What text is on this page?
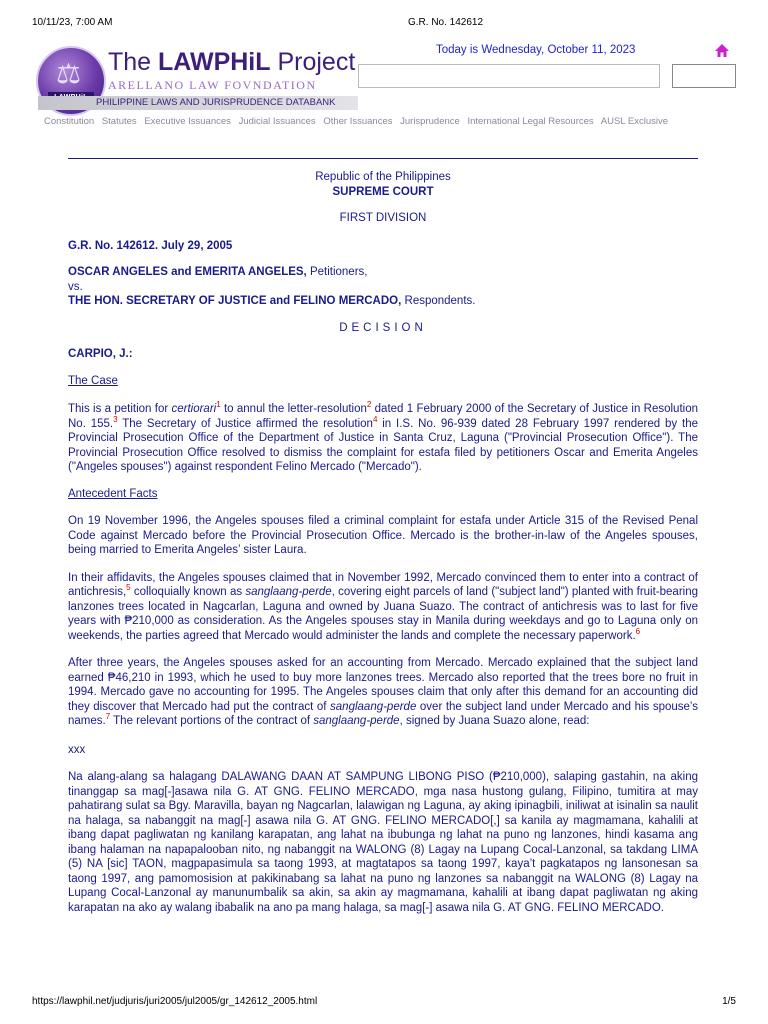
10/11/23, 7:00 AM	G.R. No. 142612
⚖ The LAWPHiL Project
ARELLANO LAW FOVNDATION
PHILIPPINE LAWS AND JURISPRUDENCE DATABANK
Today is Wednesday, October 11, 2023
Constitution Statutes Executive Issuances Judicial Issuances Other Issuances Jurisprudence International Legal Resources AUSL Exclusive
Republic of the Philippines
SUPREME COURT
FIRST DIVISION
G.R. No. 142612. July 29, 2005
OSCAR ANGELES and EMERITA ANGELES, Petitioners,
vs.
THE HON. SECRETARY OF JUSTICE and FELINO MERCADO, Respondents.
DECISION
CARPIO, J.:
The Case

This is a petition for certiorari$^1$ to annul the letter-resolution$^2$ dated 1 February 2000 of the Secretary of Justice in Resolution No. 155.$^3$ The Secretary of Justice affirmed the resolution$^4$ in I.S. No. 96-939 dated 28 February 1997 rendered by the Provincial Prosecution Office of the Department of Justice in Santa Cruz, Laguna ("Provincial Prosecution Office"). The Provincial Prosecution Office resolved to dismiss the complaint for estafa filed by petitioners Oscar and Emerita Angeles ("Angeles spouses") against respondent Felino Mercado ("Mercado").

Antecedent Facts

On 19 November 1996, the Angeles spouses filed a criminal complaint for estafa under Article 315 of the Revised Penal Code against Mercado before the Provincial Prosecution Office. Mercado is the brother-in-law of the Angeles spouses, being married to Emerita Angeles’ sister Laura.

In their affidavits, the Angeles spouses claimed that in November 1992, Mercado convinced them to enter into a contract of antichresis,$^5$ colloquially known as sanglaang-perde, covering eight parcels of land ("subject land") planted with fruit-bearing lanzones trees located in Nagcarlan, Laguna and owned by Juana Suazo. The contract of antichresis was to last for five years with ₱210,000 as consideration. As the Angeles spouses stay in Manila during weekdays and go to Laguna only on weekends, the parties agreed that Mercado would administer the lands and complete the necessary paperwork.$^6$

After three years, the Angeles spouses asked for an accounting from Mercado. Mercado explained that the subject land earned ₱46,210 in 1993, which he used to buy more lanzones trees. Mercado also reported that the trees bore no fruit in 1994. Mercado gave no accounting for 1995. The Angeles spouses claim that only after this demand for an accounting did they discover that Mercado had put the contract of sanglaang-perde over the subject land under Mercado and his spouse’s names.$^7$ The relevant portions of the contract of sanglaang-perde, signed by Juana Suazo alone, read:

xxx

Na alang-alang sa halagang DALAWANG DAAN AT SAMPUNG LIBONG PISO (₱210,000), salaping gastahin, na aking tinanggap sa mag[-]asawa nila G. AT GNG. FELINO MERCADO, mga nasa hustong gulang, Filipino, tumitira at may pahatirang sulat sa Bgy. Maravilla, bayan ng Nagcarlan, lalawigan ng Laguna, ay aking ipinagbili, iniliwat at isinalin sa naulit na halaga, sa nabanggit na mag[-] asawa nila G. AT GNG. FELINO MERCADO[,] sa kanila ay magmamana, kahalili at ibang dapat pagliwatan ng kanilang karapatan, ang lahat na ibubunga ng lahat na puno ng lanzones, hindi kasama ang ibang halaman na napapalooban nito, ng nabanggit na WALONG (8) Lagay na Lupang Cocal-Lanzonal, sa takdang LIMA (5) NA [sic] TAON, magpapasimula sa taong 1993, at magtatapos sa taong 1997, kaya’t pagkatapos ng lansonesan sa taong 1997, ang pamomosision at pakikinabang sa lahat na puno ng lanzones sa nabanggit na WALONG (8) Lagay na Lupang Cocal-Lanzonal ay manunumbalik sa akin, sa akin ay magmamana, kahalili at ibang dapat pagliwatan ng aking karapatan na ako ay walang ibabalik na ano pa mang halaga, sa mag[-] asawa nila G. AT GNG. FELINO MERCADO.

https://lawphil.net/judjuris/juri2005/jul2005/gr_142612_2005.html	1/5
